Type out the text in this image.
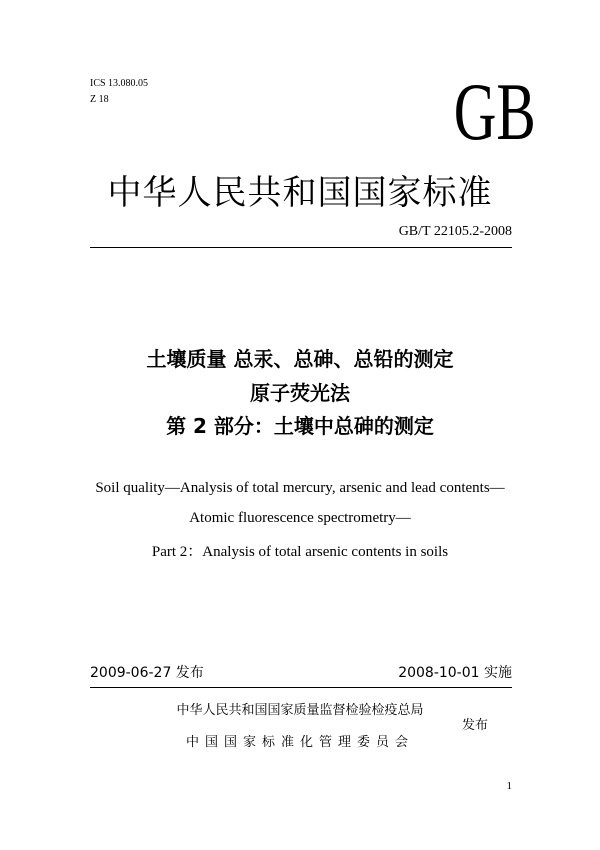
ICS 13.080.05
Z 18	GB
中华人民共和国国家标准
GB/T 22105.2-2008
土壤质量 总汞、总砷、总铅的测定
原子荧光法
第 2 部分：土壤中总砷的测定
Soil quality—Analysis of total mercury, arsenic and lead contents—
Atomic fluorescence spectrometry—
Part 2：Analysis of total arsenic contents in soils
2009-06-27 发布	2008-10-01 实施
中华人民共和国国家质量监督检验检疫总局
中国国家标准化管理委员会
发布
1
